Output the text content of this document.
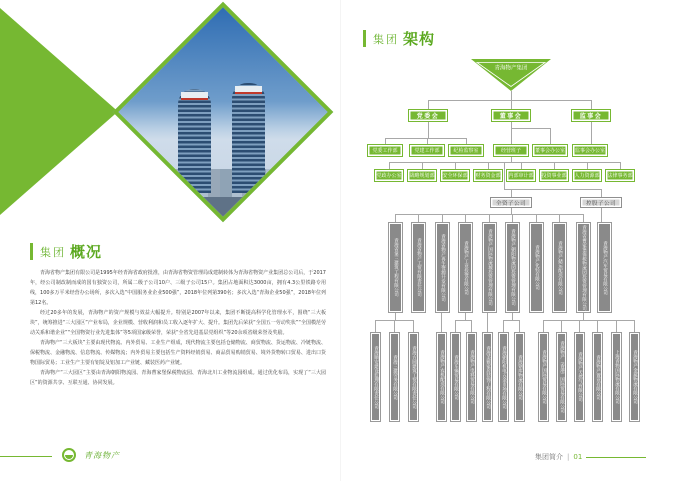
集团 概况

青海省物产集团有限公司是1995年经青海省政府批准，由青海省物资管理局成建制转体为青海省物资产业集团总公司后，于2017年，经公司制改制而成的国有独资公司，所属二级子公司10户、三级子公司15户。集团占地面积达3000亩，拥有4.3公里铁路专用线，100多万平米经营办公场所，多次入选“中国服务业企业500强”，2018年位列第390名；多次入选“青海企业50强”，2018年位列第12名。

经过20多年的发展，青海物产的资产规模与效益大幅提升。特别是2007年以来，集团不断提高科学化管理水平，围绕“三大板块”，统筹推进“三大园区”产业布局，企业规模、营收利润和员工收入逐年扩大、提升。集团先后荣获“全国五一劳动奖状”“全国模范劳动关系和谐企业”“全国物资行业先进集体”等5项国家级荣誉，荣获“全省先进基层党组织”等20余项省级荣誉及奖励。

青海物产“三大板块”主要由现代物流、内外贸易、工业生产组成，现代物流主要包括仓储物流、商贸物流、货运物流、冷链物流、保税物流、金融物流、信息物流、传媒物流；内外贸易主要包括生产资料经销贸易、商品贸易购销贸易、境外货物转口贸易、进出口货物国际贸易；工业生产主要有铝锭及铝加工产业链、藏装医药产业链。

青海物产“三大园区”主要由青海朝阳物流园、青海曹家堡保税物流园、青海北川工业物流园组成。通过优化布局，实现了“三大园区”的资源共享、互联互通、协同发展。

青海物产
集团 架构
青海物产集团
党委会	董事会	监事会
党委工作部	党建工作部	纪检监察室	经营班子	董事会办公室	监事会办公室
党政办公室	战略规划部	安全环保部	财务资金部	内部审计部	投资事业部	人力资源部	法律事务部
全资子公司	控股子公司
青海省第三建筑工程有限公司	青海省物产工贸有限责任公司	青海省物产再生资源开发有限公司	青海物产工业投资有限公司	青海物产国际物流城投资管理有限公司	青海物产朝阳物流园投资管理有限公司	青海物产化轻有限公司	青海物产储运配送有限公司	青海省曹家堡保税物流园投资管理有限公司	青海物产汽车贸易有限公司
青海顺安建设监理有限责任公司	青海三建劳务有限公司	青海方圆建筑工贸有限责任公司	青海物产农机配送有限公司	青海车辆贸易有限公司	青海物产电料贸易有限公司	青海美雅家居装饰工程有限公司	青海朝阳机电五金市场有限公司	青海钢库物流有限公司	青海物产国际贸易有限公司	青海物产（香港）国际贸易有限公司	青海物产天然气有限公司	青海物产置业有限公司	上海青物国际物流有限公司	青海物产金属物流有限公司
集团简介 | 01
